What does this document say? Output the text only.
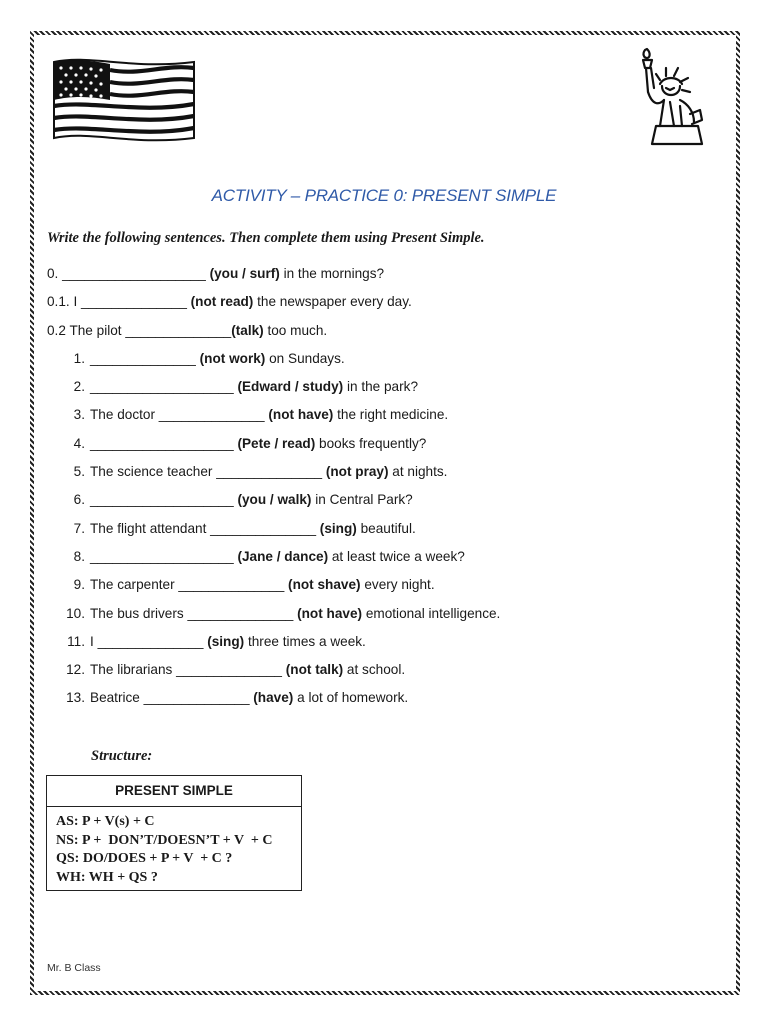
ACTIVITY – PRACTICE 0: PRESENT SIMPLE
Write the following sentences. Then complete them using Present Simple.
0. ___________________ (you / surf) in the mornings?
0.1. I ______________ (not read) the newspaper every day.
0.2 The pilot ______________(talk) too much.
1. ______________ (not work) on Sundays.
2. ___________________ (Edward / study) in the park?
3. The doctor ______________ (not have) the right medicine.
4. ___________________ (Pete / read) books frequently?
5. The science teacher ______________ (not pray) at nights.
6. ___________________ (you / walk) in Central Park?
7. The flight attendant ______________ (sing) beautiful.
8. ___________________ (Jane / dance) at least twice a week?
9. The carpenter ______________ (not shave) every night.
10. The bus drivers ______________ (not have) emotional intelligence.
11. I ______________ (sing) three times a week.
12. The librarians ______________ (not talk) at school.
13. Beatrice ______________ (have) a lot of homework.
Structure:
PRESENT SIMPLE
AS: P + V(s) + C
NS: P +  DON’T/DOESN’T + V  + C
QS: DO/DOES + P + V  + C ?
WH: WH + QS ?
Mr. B Class
